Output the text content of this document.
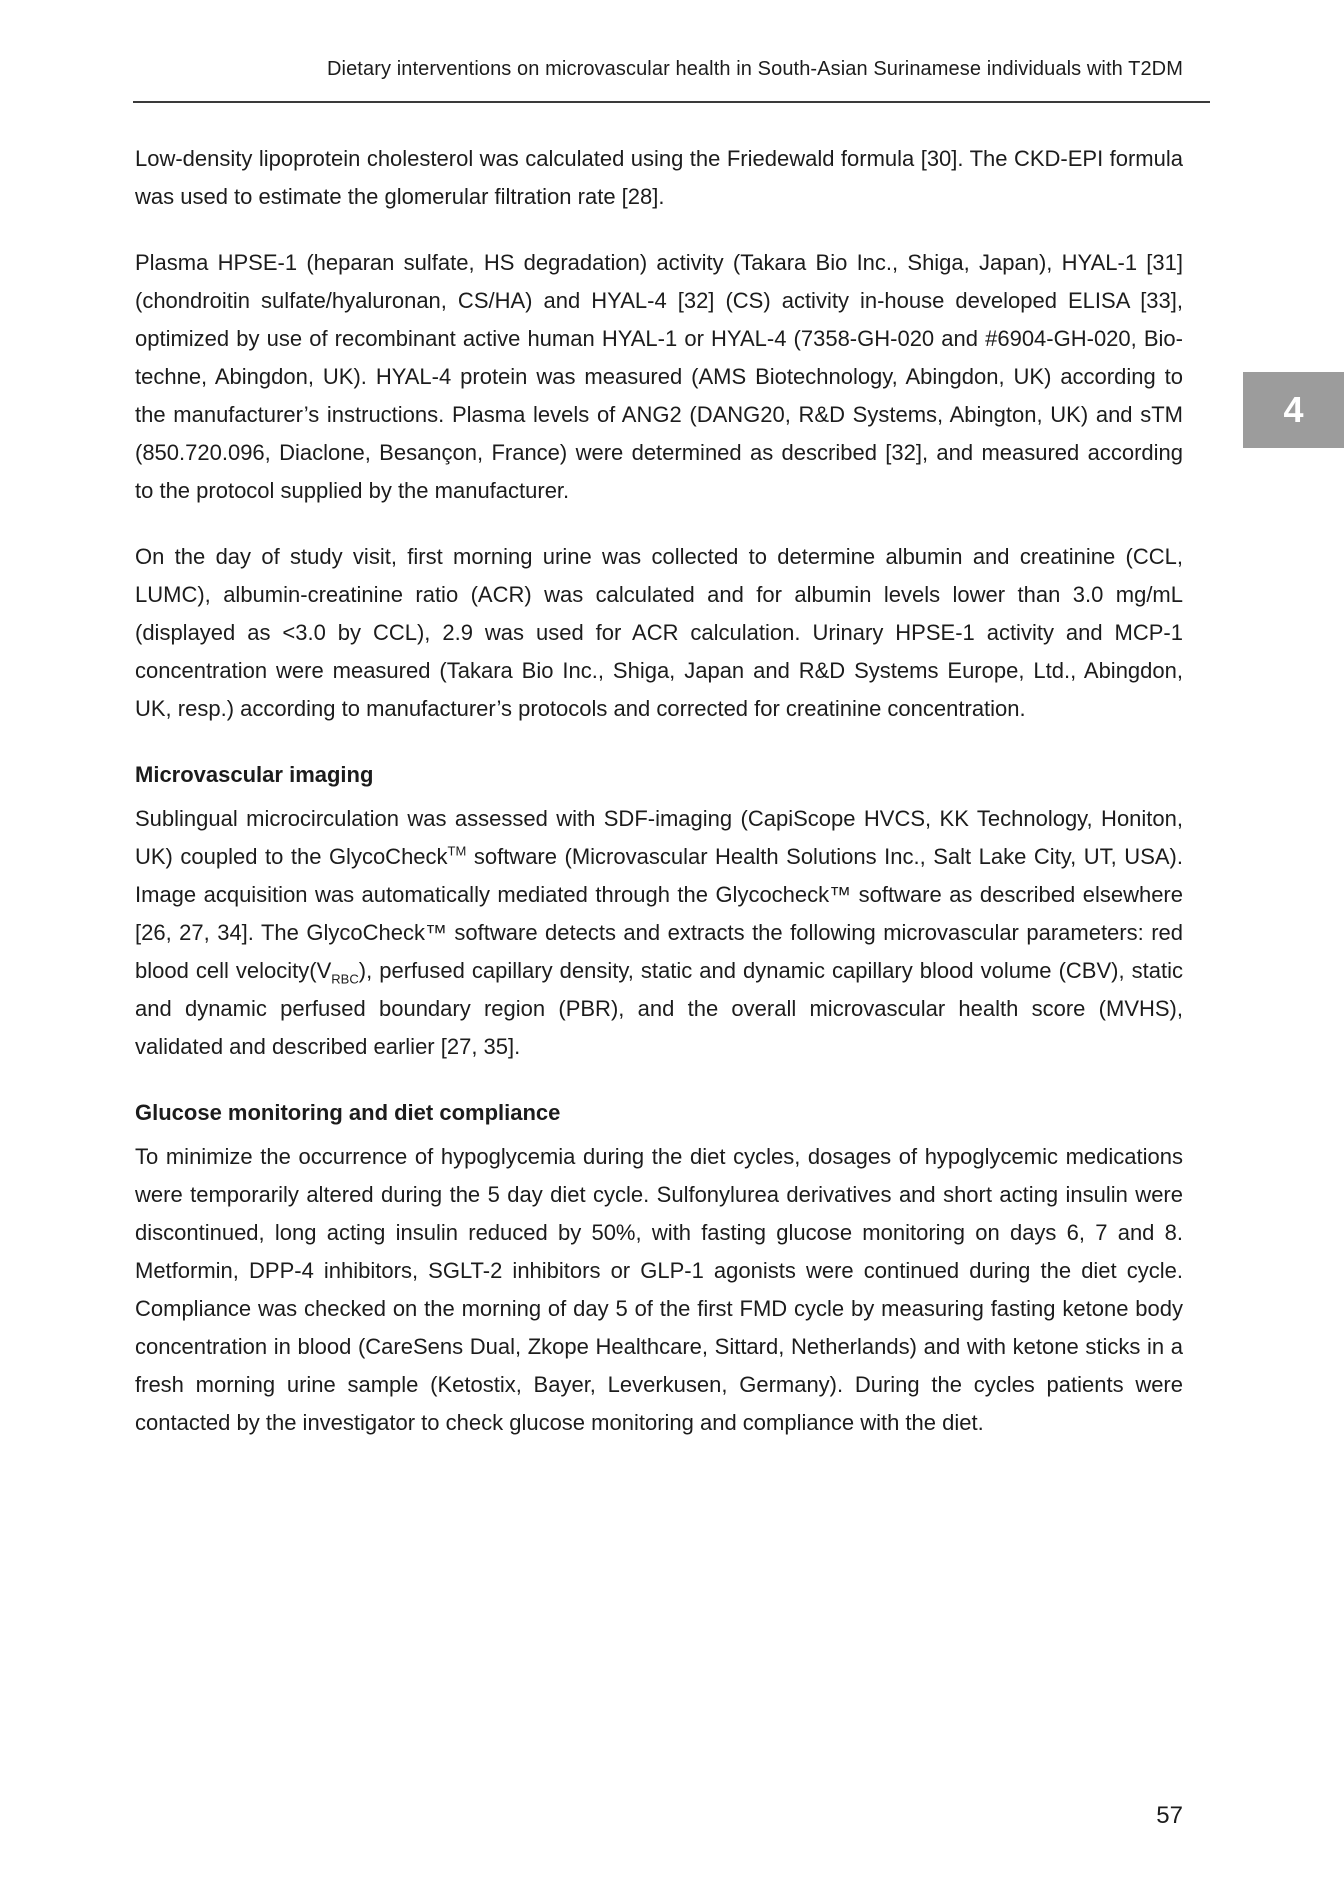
Dietary interventions on microvascular health in South-Asian Surinamese individuals with T2DM
4

Low-density lipoprotein cholesterol was calculated using the Friedewald formula [30]. The CKD-EPI formula was used to estimate the glomerular filtration rate [28].

Plasma HPSE-1 (heparan sulfate, HS degradation) activity (Takara Bio Inc., Shiga, Japan), HYAL-1 [31] (chondroitin sulfate/hyaluronan, CS/HA) and HYAL-4 [32] (CS) activity in-house developed ELISA [33], optimized by use of recombinant active human HYAL-1 or HYAL-4 (7358-GH-020 and #6904-GH-020, Bio-techne, Abingdon, UK). HYAL-4 protein was measured (AMS Biotechnology, Abingdon, UK) according to the manufacturer’s instructions. Plasma levels of ANG2 (DANG20, R&D Systems, Abington, UK) and sTM (850.720.096, Diaclone, Besançon, France) were determined as described [32], and measured according to the protocol supplied by the manufacturer.

On the day of study visit, first morning urine was collected to determine albumin and creatinine (CCL, LUMC), albumin-creatinine ratio (ACR) was calculated and for albumin levels lower than 3.0 mg/mL (displayed as <3.0 by CCL), 2.9 was used for ACR calculation. Urinary HPSE-1 activity and MCP-1 concentration were measured (Takara Bio Inc., Shiga, Japan and R&D Systems Europe, Ltd., Abingdon, UK, resp.) according to manufacturer’s protocols and corrected for creatinine concentration.

Microvascular imaging

Sublingual microcirculation was assessed with SDF-imaging (CapiScope HVCS, KK Technology, Honiton, UK) coupled to the GlycoCheck™ software (Microvascular Health Solutions Inc., Salt Lake City, UT, USA). Image acquisition was automatically mediated through the Glycocheck™ software as described elsewhere [26, 27, 34]. The GlycoCheck™ software detects and extracts the following microvascular parameters: red blood cell $velocity(V_{RBC})$, perfused capillary density, static and dynamic capillary blood volume (CBV), static and dynamic perfused boundary region (PBR), and the overall microvascular health score (MVHS), validated and described earlier [27, 35].

Glucose monitoring and diet compliance

To minimize the occurrence of hypoglycemia during the diet cycles, dosages of hypoglycemic medications were temporarily altered during the 5 day diet cycle. Sulfonylurea derivatives and short acting insulin were discontinued, long acting insulin reduced by 50%, with fasting glucose monitoring on days 6, 7 and 8. Metformin, DPP-4 inhibitors, SGLT-2 inhibitors or GLP-1 agonists were continued during the diet cycle. Compliance was checked on the morning of day 5 of the first FMD cycle by measuring fasting ketone body concentration in blood (CareSens Dual, Zkope Healthcare, Sittard, Netherlands) and with ketone sticks in a fresh morning urine sample (Ketostix, Bayer, Leverkusen, Germany). During the cycles patients were contacted by the investigator to check glucose monitoring and compliance with the diet.

57
